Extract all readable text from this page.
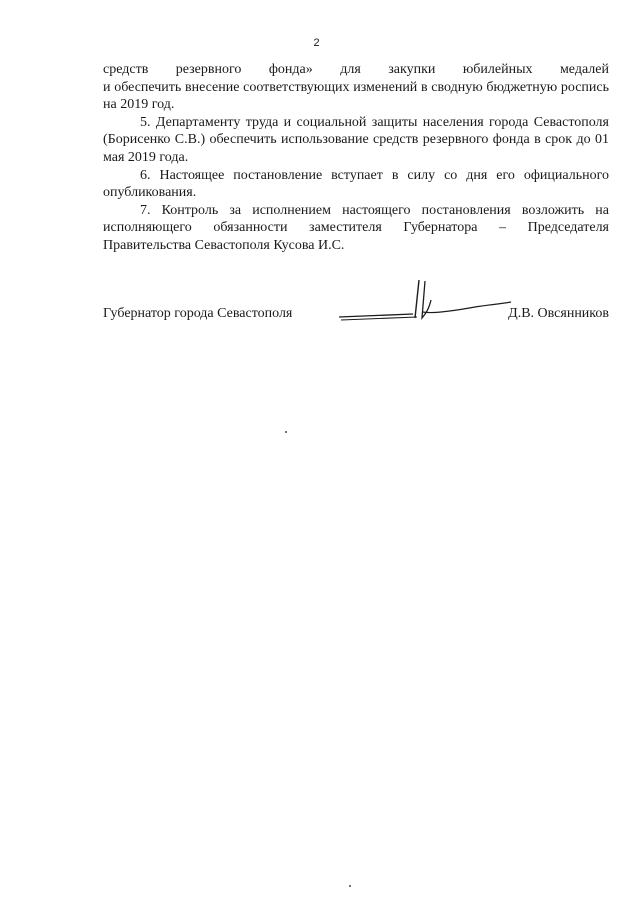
2

средств резервного фонда» для закупки юбилейных медалей

и обеспечить внесение соответствующих изменений в сводную бюджетную роспись на 2019 год.

5. Департаменту труда и социальной защиты населения города Севастополя (Борисенко С.В.) обеспечить использование средств резервного фонда в срок до 01 мая 2019 года.

6. Настоящее постановление вступает в силу со дня его официального опубликования.

7. Контроль за исполнением настоящего постановления возложить на исполняющего обязанности заместителя Губернатора – Председателя Правительства Севастополя Кусова И.С.

Губернатор города Севастополя	Д.В. Овсянников
